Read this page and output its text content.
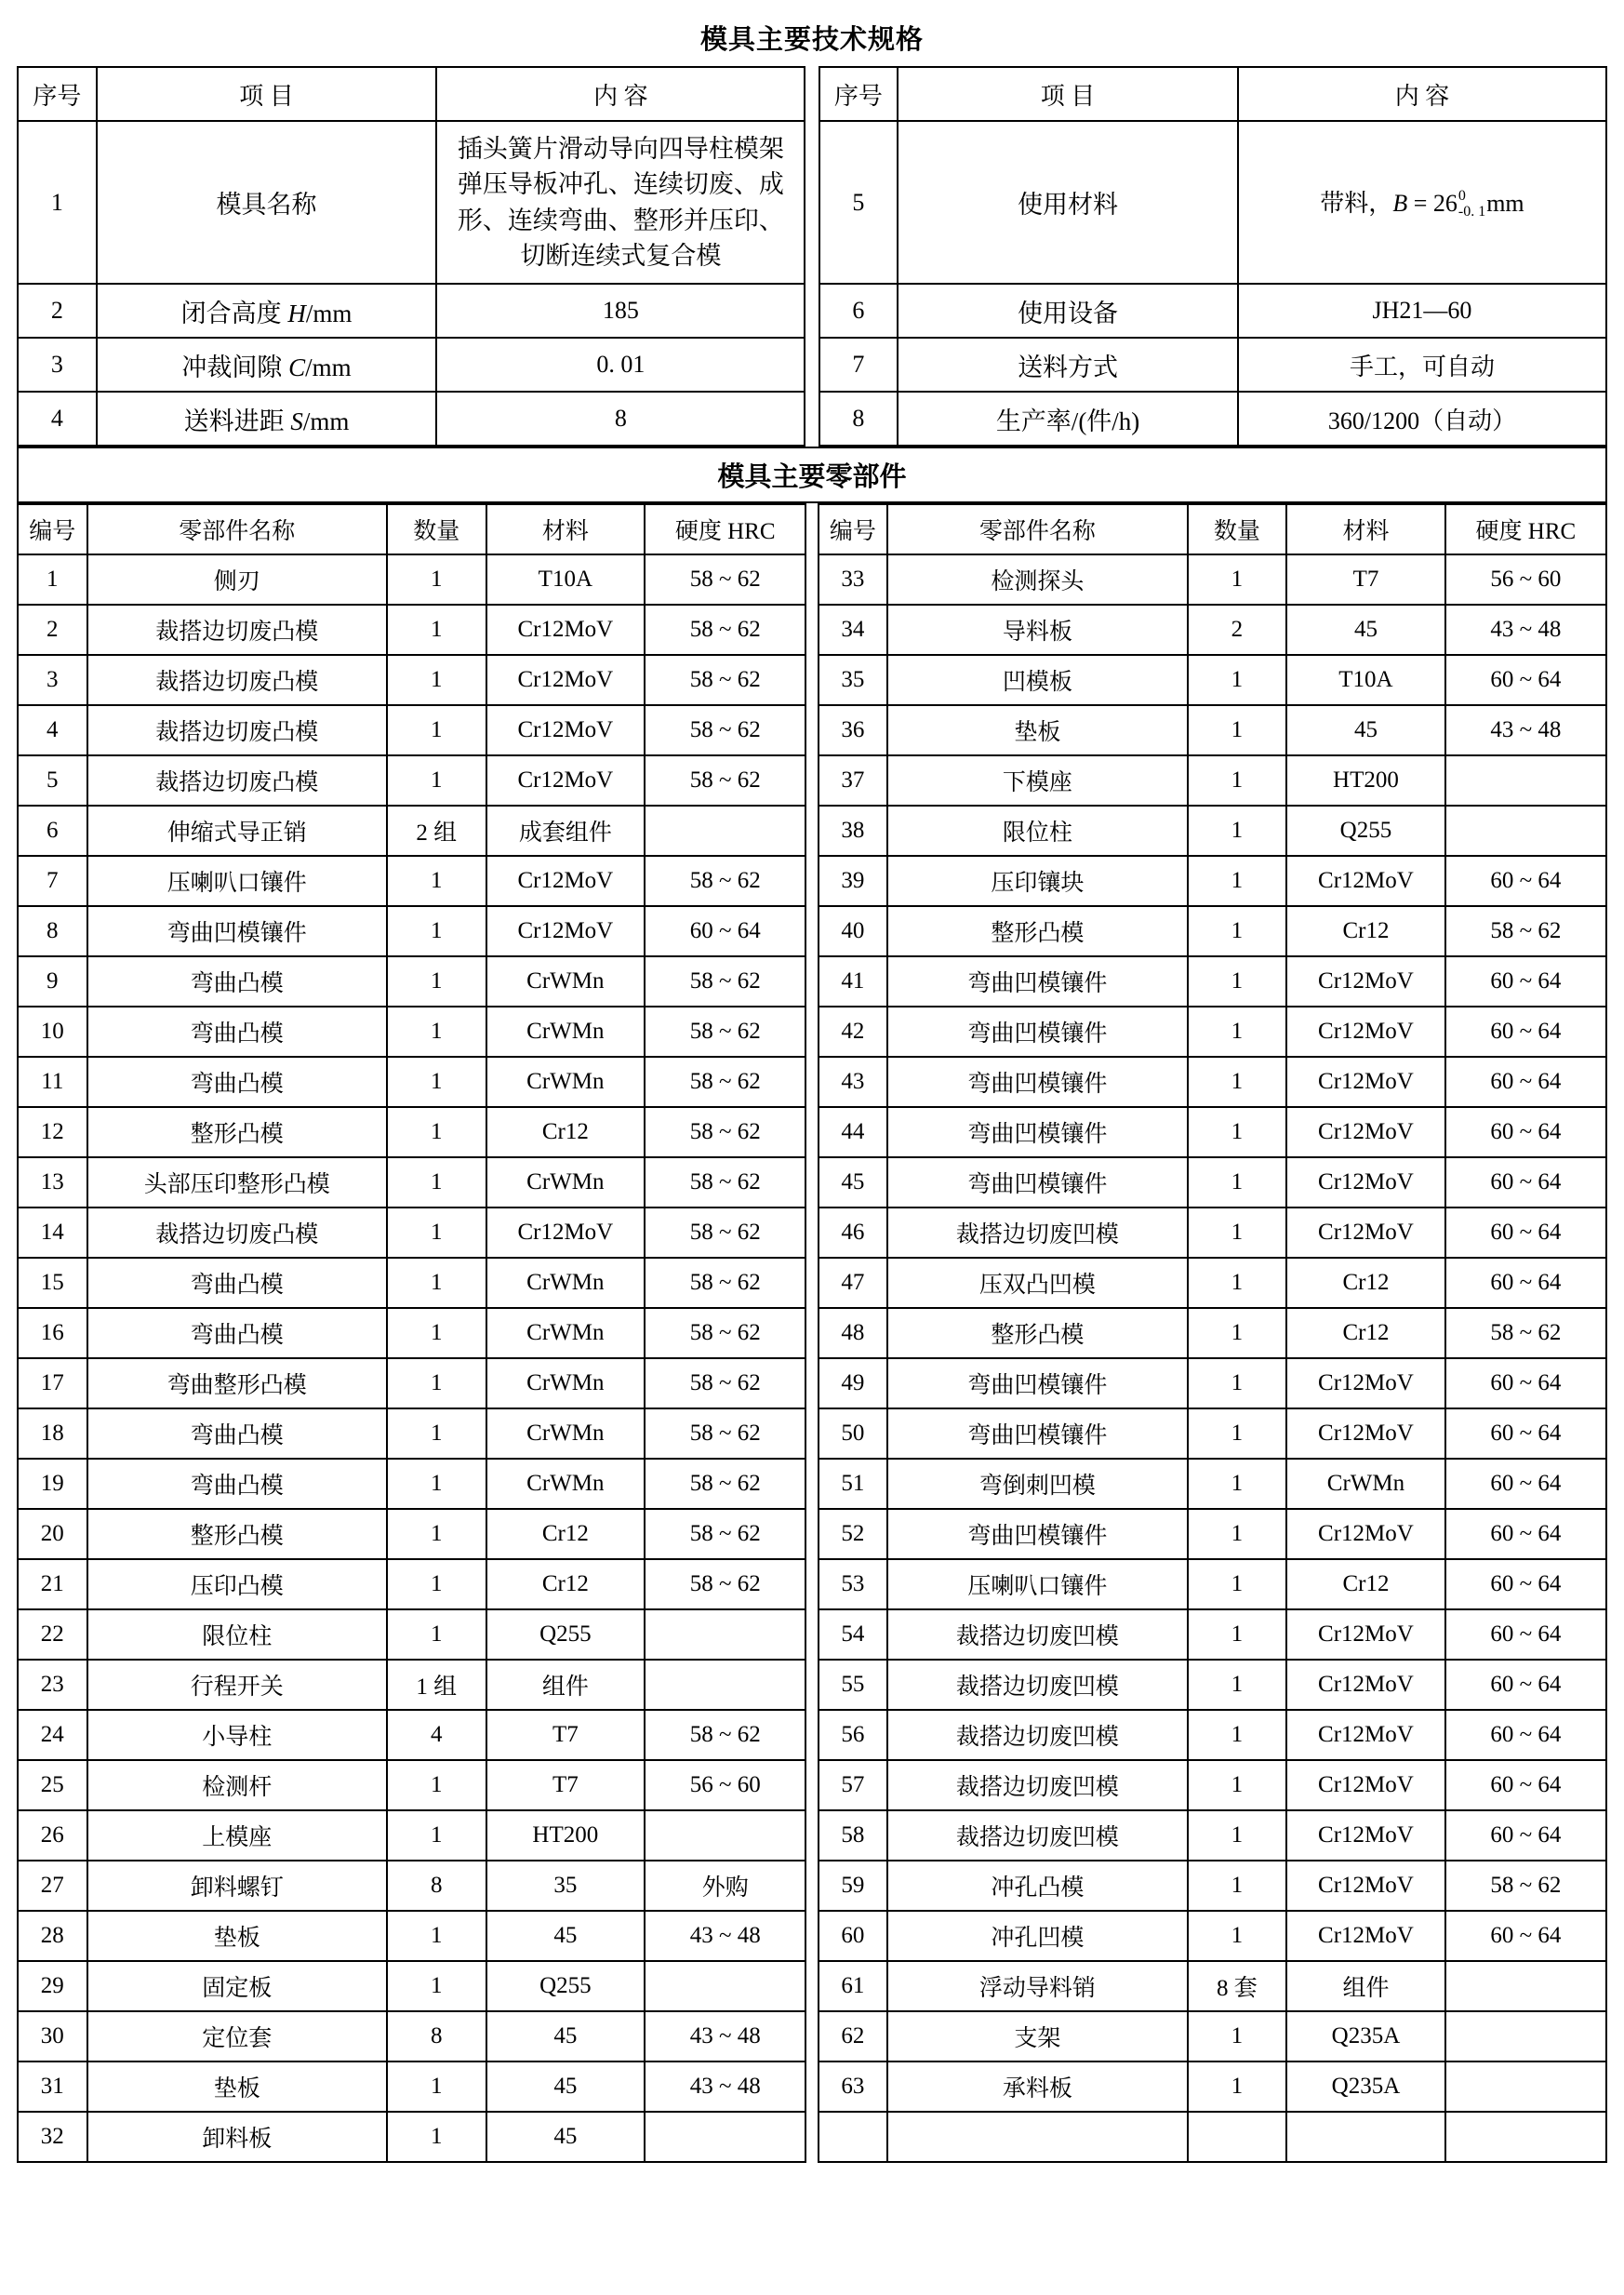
模具主要技术规格
序号	项 目	内 容		序号	项 目	内 容
1	模具名称	插头簧片滑动导向四导柱模架弹压导板冲孔、连续切废、成形、连续弯曲、整形并压印、切断连续式复合模		5	使用材料	带料，B = 26 0
-0. 1 mm
2	闭合高度 H/mm	185		6	使用设备	JH21—60
3	冲裁间隙 C/mm	0. 01		7	送料方式	手工，可自动
4	送料进距 S/mm	8		8	生产率/(件/h)	360/1200（自动）
模具主要零部件
编号	零部件名称	数量	材料	硬度 HRC		编号	零部件名称	数量	材料	硬度 HRC
1	侧刃	1	T10A	58 ~ 62		33	检测探头	1	T7	56 ~ 60
2	裁搭边切废凸模	1	Cr12MoV	58 ~ 62		34	导料板	2	45	43 ~ 48
3	裁搭边切废凸模	1	Cr12MoV	58 ~ 62		35	凹模板	1	T10A	60 ~ 64
4	裁搭边切废凸模	1	Cr12MoV	58 ~ 62		36	垫板	1	45	43 ~ 48
5	裁搭边切废凸模	1	Cr12MoV	58 ~ 62		37	下模座	1	HT200	
6	伸缩式导正销	2 组	成套组件			38	限位柱	1	Q255	
7	压喇叭口镶件	1	Cr12MoV	58 ~ 62		39	压印镶块	1	Cr12MoV	60 ~ 64
8	弯曲凹模镶件	1	Cr12MoV	60 ~ 64		40	整形凸模	1	Cr12	58 ~ 62
9	弯曲凸模	1	CrWMn	58 ~ 62		41	弯曲凹模镶件	1	Cr12MoV	60 ~ 64
10	弯曲凸模	1	CrWMn	58 ~ 62		42	弯曲凹模镶件	1	Cr12MoV	60 ~ 64
11	弯曲凸模	1	CrWMn	58 ~ 62		43	弯曲凹模镶件	1	Cr12MoV	60 ~ 64
12	整形凸模	1	Cr12	58 ~ 62		44	弯曲凹模镶件	1	Cr12MoV	60 ~ 64
13	头部压印整形凸模	1	CrWMn	58 ~ 62		45	弯曲凹模镶件	1	Cr12MoV	60 ~ 64
14	裁搭边切废凸模	1	Cr12MoV	58 ~ 62		46	裁搭边切废凹模	1	Cr12MoV	60 ~ 64
15	弯曲凸模	1	CrWMn	58 ~ 62		47	压双凸凹模	1	Cr12	60 ~ 64
16	弯曲凸模	1	CrWMn	58 ~ 62		48	整形凸模	1	Cr12	58 ~ 62
17	弯曲整形凸模	1	CrWMn	58 ~ 62		49	弯曲凹模镶件	1	Cr12MoV	60 ~ 64
18	弯曲凸模	1	CrWMn	58 ~ 62		50	弯曲凹模镶件	1	Cr12MoV	60 ~ 64
19	弯曲凸模	1	CrWMn	58 ~ 62		51	弯倒刺凹模	1	CrWMn	60 ~ 64
20	整形凸模	1	Cr12	58 ~ 62		52	弯曲凹模镶件	1	Cr12MoV	60 ~ 64
21	压印凸模	1	Cr12	58 ~ 62		53	压喇叭口镶件	1	Cr12	60 ~ 64
22	限位柱	1	Q255			54	裁搭边切废凹模	1	Cr12MoV	60 ~ 64
23	行程开关	1 组	组件			55	裁搭边切废凹模	1	Cr12MoV	60 ~ 64
24	小导柱	4	T7	58 ~ 62		56	裁搭边切废凹模	1	Cr12MoV	60 ~ 64
25	检测杆	1	T7	56 ~ 60		57	裁搭边切废凹模	1	Cr12MoV	60 ~ 64
26	上模座	1	HT200			58	裁搭边切废凹模	1	Cr12MoV	60 ~ 64
27	卸料螺钉	8	35	外购		59	冲孔凸模	1	Cr12MoV	58 ~ 62
28	垫板	1	45	43 ~ 48		60	冲孔凹模	1	Cr12MoV	60 ~ 64
29	固定板	1	Q255			61	浮动导料销	8 套	组件	
30	定位套	8	45	43 ~ 48		62	支架	1	Q235A	
31	垫板	1	45	43 ~ 48		63	承料板	1	Q235A	
32	卸料板	1	45							
